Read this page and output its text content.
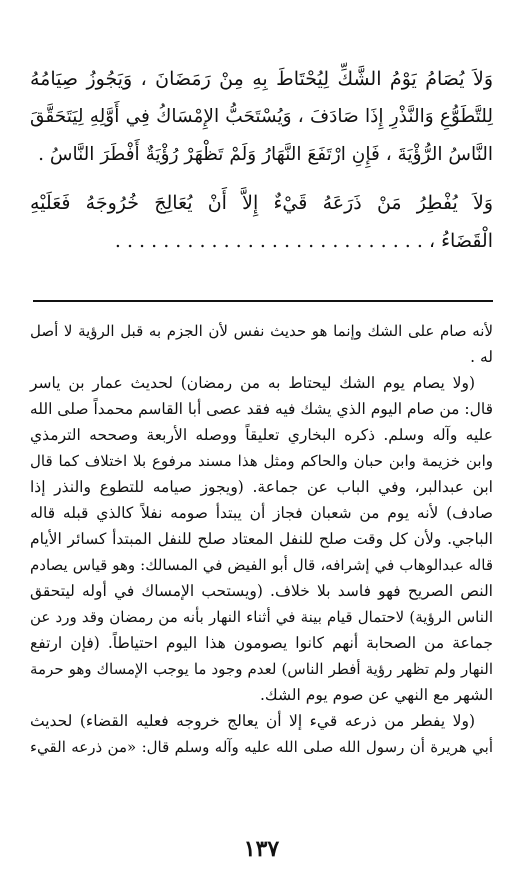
وَلاَ يُصَامُ يَوْمُ الشَّكِّ لِيُحْتَاطَ بِهِ مِنْ رَمَضَانَ ، وَيَجُوزُ صِيَامُهُ

لِلتَّطَوُّعِ وَالنَّذْرِ إِذَا صَادَفَ ، وَيُسْتَحَبُّ الإِمْسَاكُ فِي أَوَّلِهِ لِيَتَحَقَّقَ

النَّاسُ الرُّؤْيَةَ ، فَإِنِ ارْتَفَعَ النَّهَارُ وَلَمْ تَظْهَرْ رُؤْيَةٌ أَفْطَرَ النَّاسُ .

وَلاَ يُفْطِرُ مَنْ ذَرَعَهُ قَيْءٌ إِلاَّ أَنْ يُعَالِجَ خُرُوجَهُ فَعَلَيْهِ

الْقَضَاءُ ، . . . . . . . . . . . . . . . . . . . . . . . . . .

لأنه صام على الشك وإنما هو حديث نفس لأن الجزم به قبل الرؤية لا أصل

له .

(ولا يصام يوم الشك ليحتاط به من رمضان) لحديث عمار بن ياسر

قال: من صام اليوم الذي يشك فيه فقد عصى أبا القاسم محمداً صلى الله

عليه وآله وسلم. ذكره البخاري تعليقاً ووصله الأربعة وصححه الترمذي

وابن خزيمة وابن حبان والحاكم ومثل هذا مسند مرفوع بلا اختلاف كما قال

ابن عبدالبر، وفي الباب عن جماعة. (ويجوز صيامه للتطوع والنذر إذا

صادف) لأنه يوم من شعبان فجاز أن يبتدأ صومه نفلاً كالذي قبله قاله

الباجي. ولأن كل وقت صلح للنفل المعتاد صلح للنفل المبتدأ كسائر الأيام

قاله عبدالوهاب في إشرافه، قال أبو الفيض في المسالك: وهو قياس يصادم

النص الصريح فهو فاسد بلا خلاف. (ويستحب الإمساك في أوله ليتحقق

الناس الرؤية) لاحتمال قيام بينة في أثناء النهار بأنه من رمضان وقد ورد عن

جماعة من الصحابة أنهم كانوا يصومون هذا اليوم احتياطاً. (فإن ارتفع

النهار ولم تظهر رؤية أفطر الناس) لعدم وجود ما يوجب الإمساك وهو حرمة

الشهر مع النهي عن صوم يوم الشك.

(ولا يفطر من ذرعه قيء إلا أن يعالج خروجه فعليه القضاء) لحديث

أبي هريرة أن رسول الله صلى الله عليه وآله وسلم قال: «من ذرعه القيء

١٣٧
